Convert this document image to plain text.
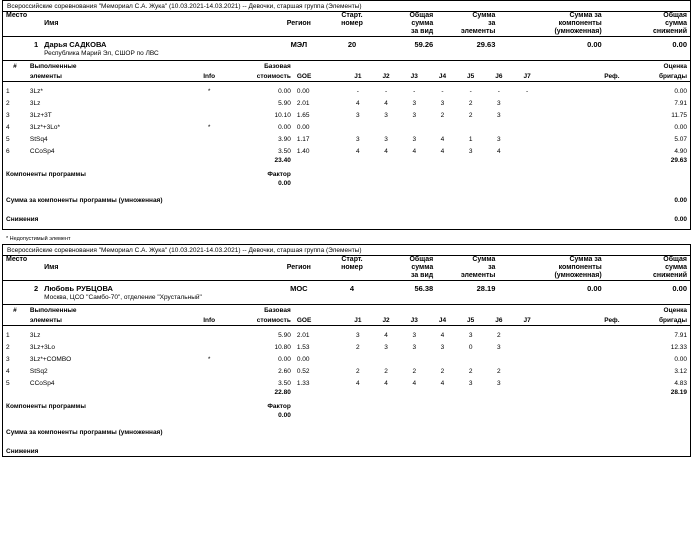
Всероссийские соревнования "Мемориал С.А. Жука" (10.03.2021-14.03.2021) -- Девочки, старшая группа (Элементы)
Место			Старт.	Общая	Сумма	Сумма за	Общая
	Имя	Регион	номер	сумма	за	компоненты	сумма
				за вид	элементы	(умноженная)	снижений
1	Дарья САДКОВА	МЭЛ	20	59.26	29.63	0.00	0.00
	Республика Марий Эл, СШОР по ЛВС						
#	Выполненные		Базовая										Оценка
	элементы	Info	стоимость	GOE	J1	J2	J3	J4	J5	J6	J7	Реф.	бригады

1	3Lz*	*	0.00	0.00	-	-	-	-	-	-	-		0.00
2	3Lz		5.90	2.01	4	4	3	3	2	3			7.91
3	3Lz+3T		10.10	1.65	3	3	3	2	2	3			11.75
4	3Lz*+3Lo*	*	0.00	0.00									0.00
5	StSq4		3.90	1.17	3	3	3	4	1	3			5.07
6	CCoSp4		3.50	1.40	4	4	4	4	3	4			4.90
			23.40										29.63

Компоненты программы		Фактор											
			0.00										

Сумма за компоненты программы (умноженная)													0.00

Снижения													0.00

* Недопустимый элемент
Всероссийские соревнования "Мемориал С.А. Жука" (10.03.2021-14.03.2021) -- Девочки, старшая группа (Элементы)
Место			Старт.	Общая	Сумма	Сумма за	Общая
	Имя	Регион	номер	сумма	за	компоненты	сумма
				за вид	элементы	(умноженная)	снижений
2	Любовь РУБЦОВА	МОС	4	56.38	28.19	0.00	0.00
	Москва, ЦСО "Самбо-70", отделение "Хрустальный"						
#	Выполненные		Базовая										Оценка
	элементы	Info	стоимость	GOE	J1	J2	J3	J4	J5	J6	J7	Реф.	бригады

1	3Lz		5.90	2.01	3	4	3	4	3	2			7.91
2	3Lz+3Lo		10.80	1.53	2	3	3	3	0	3			12.33
3	3Lz*+COMBO	*	0.00	0.00									0.00
4	StSq2		2.60	0.52	2	2	2	2	2	2			3.12
5	CCoSp4		3.50	1.33	4	4	4	4	3	3			4.83
			22.80										28.19

Компоненты программы		Фактор											
			0.00										

Сумма за компоненты программы (умноженная)													

Снижения													
